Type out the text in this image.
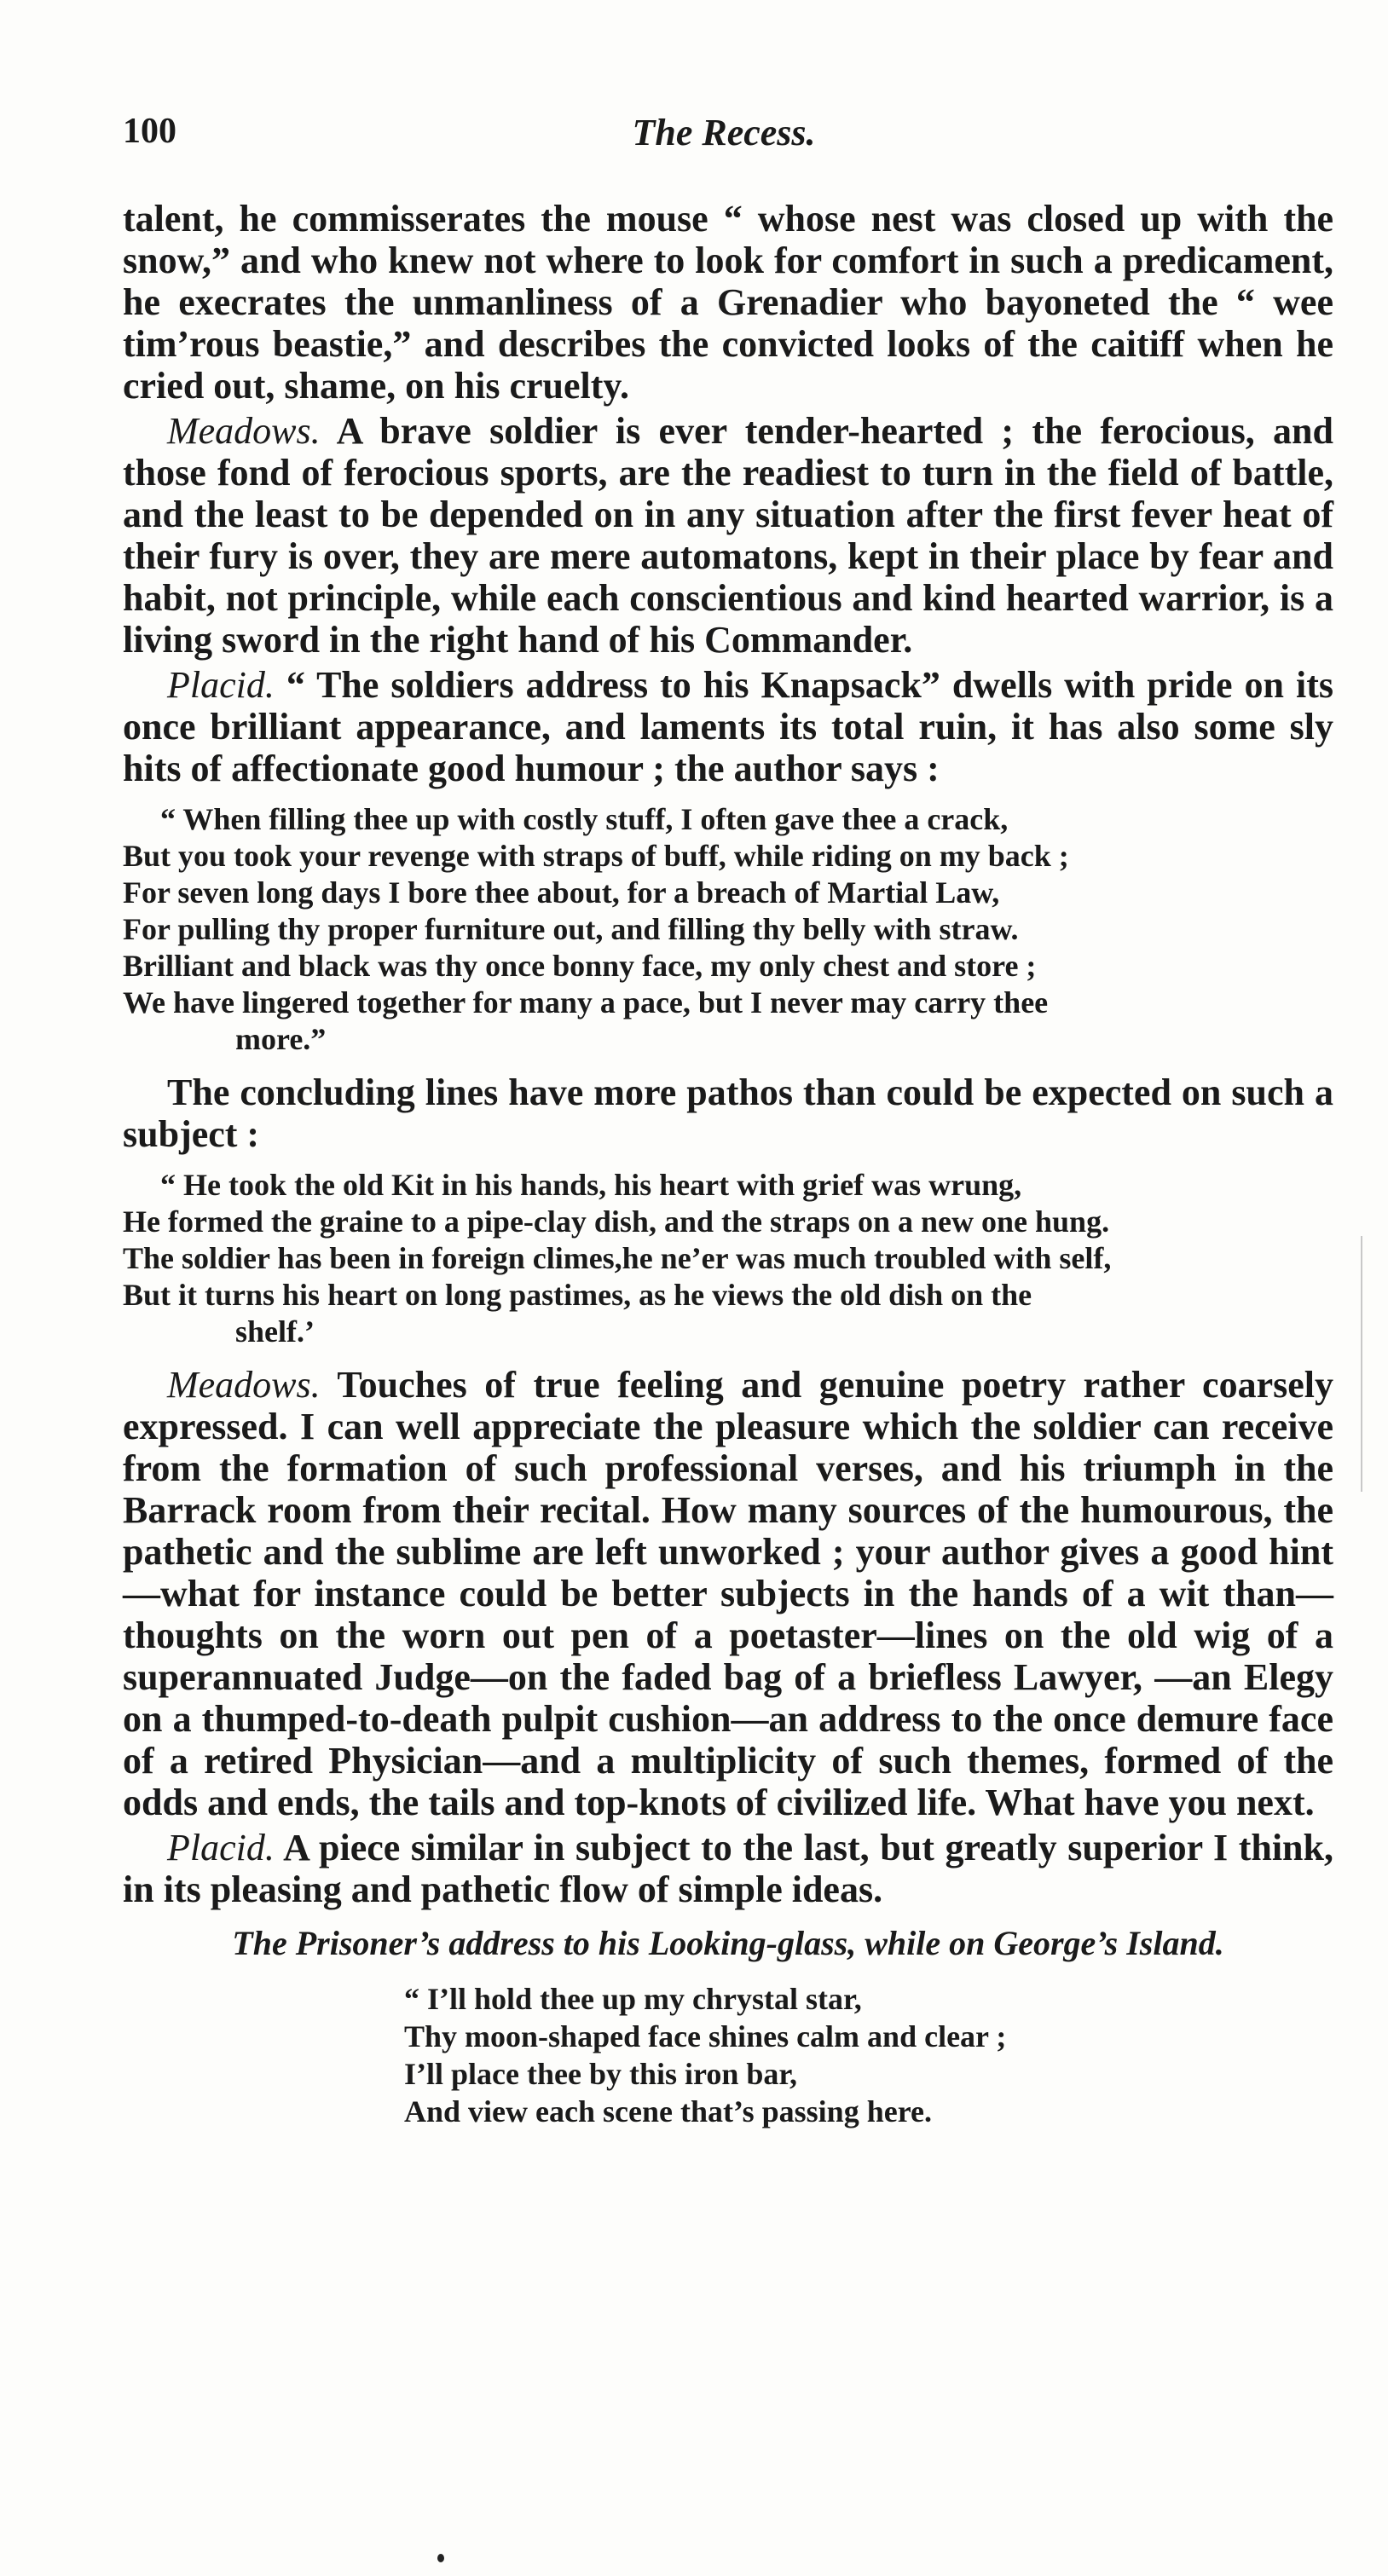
100	The Recess.

talent, he commisserates the mouse “ whose nest was closed up with the snow,” and who knew not where to look for comfort in such a predicament, he execrates the unmanliness of a Grenadier who bayoneted the “ wee tim’rous beastie,” and describes the convicted looks of the caitiff when he cried out, shame, on his cruelty.

Meadows. A brave soldier is ever tender-hearted ; the ferocious, and those fond of ferocious sports, are the readiest to turn in the field of battle, and the least to be depended on in any situation after the first fever heat of their fury is over, they are mere automatons, kept in their place by fear and habit, not principle, while each conscientious and kind hearted warrior, is a living sword in the right hand of his Commander.

Placid. “ The soldiers address to his Knapsack” dwells with pride on its once brilliant appearance, and laments its total ruin, it has also some sly hits of affectionate good humour ; the author says :

“ When filling thee up with costly stuff, I often gave thee a crack,
But you took your revenge with straps of buff, while riding on my back ;
For seven long days I bore thee about, for a breach of Martial Law,
For pulling thy proper furniture out, and filling thy belly with straw.
Brilliant and black was thy once bonny face, my only chest and store ;
We have lingered together for many a pace, but I never may carry thee
more.”

The concluding lines have more pathos than could be expected on such a subject :

“ He took the old Kit in his hands, his heart with grief was wrung,
He formed the graine to a pipe-clay dish, and the straps on a new one hung.
The soldier has been in foreign climes,he ne’er was much troubled with self,
But it turns his heart on long pastimes, as he views the old dish on the
shelf.’

Meadows. Touches of true feeling and genuine poetry rather coarsely expressed. I can well appreciate the pleasure which the soldier can receive from the formation of such professional verses, and his triumph in the Barrack room from their recital. How many sources of the humourous, the pathetic and the sublime are left unworked ; your author gives a good hint—what for instance could be better subjects in the hands of a wit than—thoughts on the worn out pen of a poetaster—lines on the old wig of a superannuated Judge—on the faded bag of a briefless Lawyer, —an Elegy on a thumped-to-death pulpit cushion—an address to the once demure face of a retired Physician—and a multiplicity of such themes, formed of the odds and ends, the tails and top-knots of civilized life. What have you next.

Placid. A piece similar in subject to the last, but greatly superior I think, in its pleasing and pathetic flow of simple ideas.

The Prisoner’s address to his Looking-glass, while on George’s Island.
“ I’ll hold thee up my chrystal star,
Thy moon-shaped face shines calm and clear ;
I’ll place thee by this iron bar,
And view each scene that’s passing here.
